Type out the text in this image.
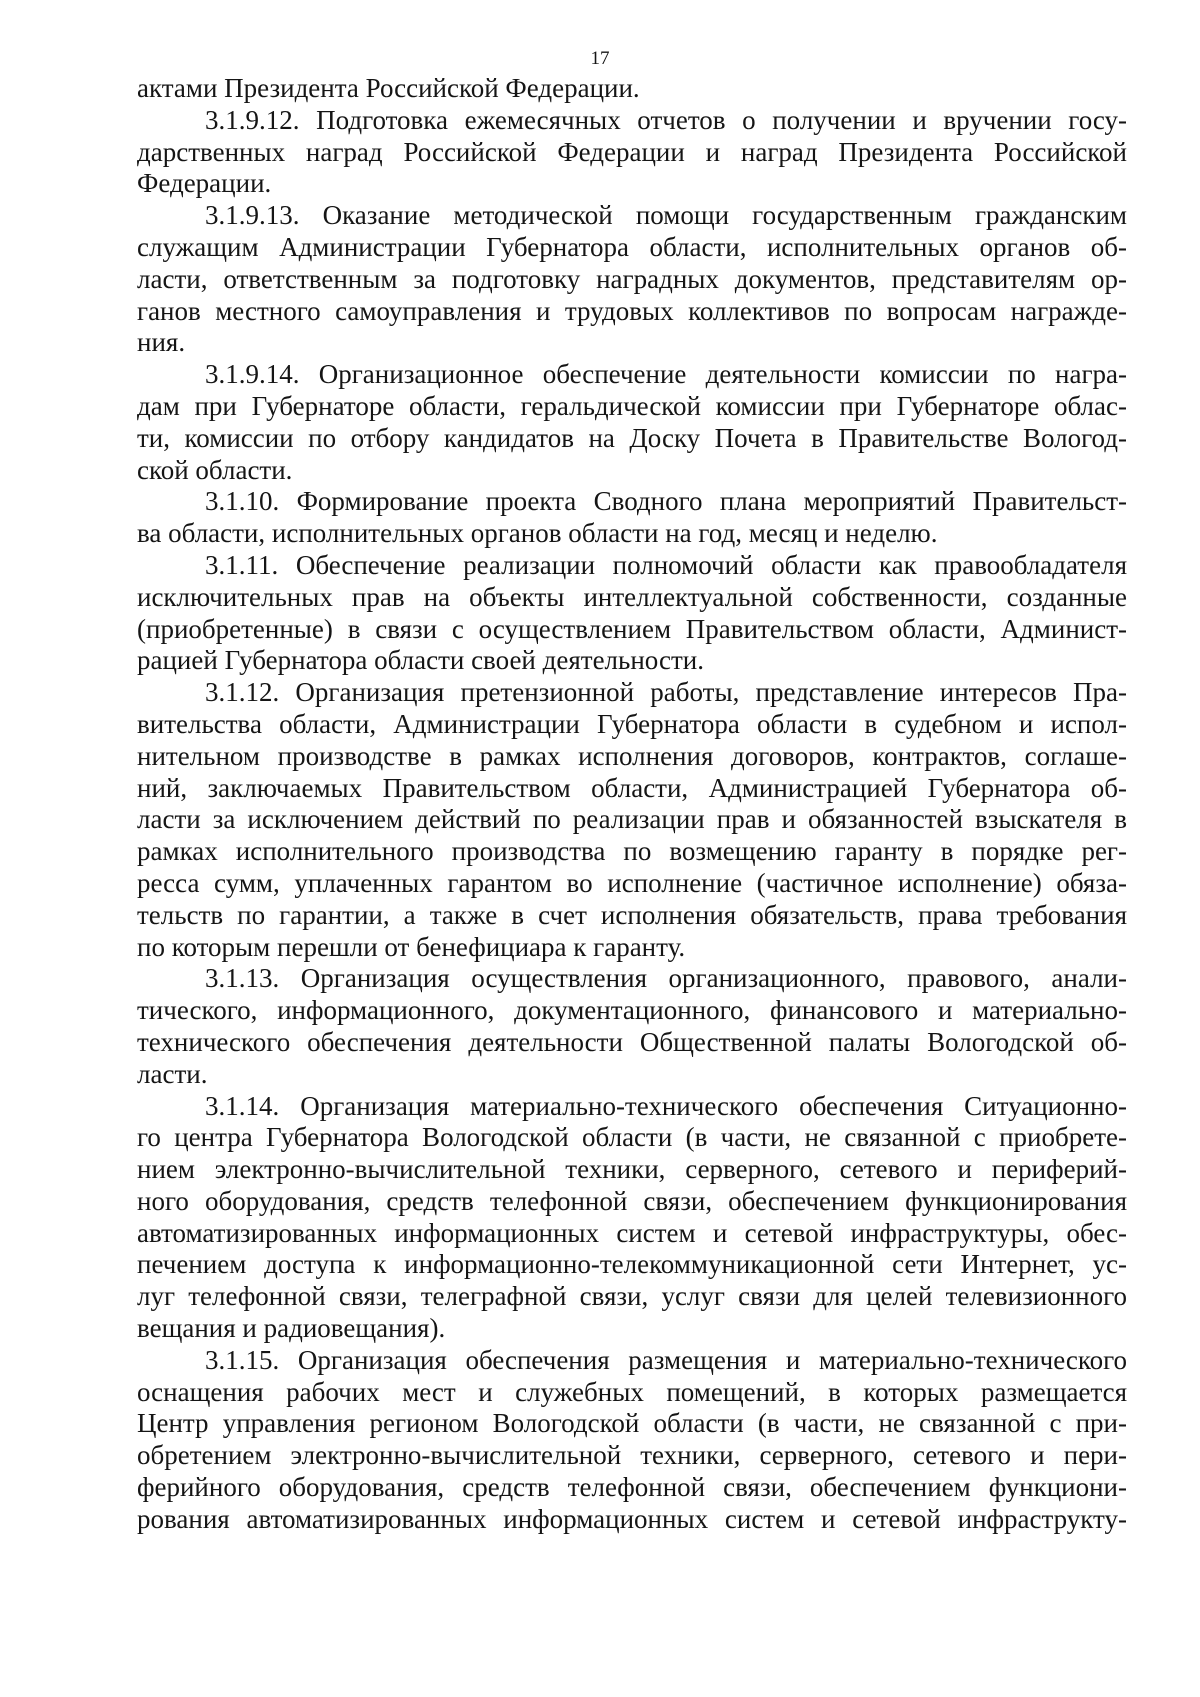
17
актами Президента Российской Федерации.
3.1.9.12. Подготовка ежемесячных отчетов о получении и вручении госу-
дарственных наград Российской Федерации и наград Президента Российской
Федерации.
3.1.9.13. Оказание методической помощи государственным гражданским
служащим Администрации Губернатора области, исполнительных органов об-
ласти, ответственным за подготовку наградных документов, представителям ор-
ганов местного самоуправления и трудовых коллективов по вопросам награжде-
ния.
3.1.9.14. Организационное обеспечение деятельности комиссии по награ-
дам при Губернаторе области, геральдической комиссии при Губернаторе облас-
ти, комиссии по отбору кандидатов на Доску Почета в Правительстве Вологод-
ской области.
3.1.10. Формирование проекта Сводного плана мероприятий Правительст-
ва области, исполнительных органов области на год, месяц и неделю.
3.1.11. Обеспечение реализации полномочий области как правообладателя
исключительных прав на объекты интеллектуальной собственности, созданные
(приобретенные) в связи с осуществлением Правительством области, Админист-
рацией Губернатора области своей деятельности.
3.1.12. Организация претензионной работы, представление интересов Пра-
вительства области, Администрации Губернатора области в судебном и испол-
нительном производстве в рамках исполнения договоров, контрактов, соглаше-
ний, заключаемых Правительством области, Администрацией Губернатора об-
ласти за исключением действий по реализации прав и обязанностей взыскателя в
рамках исполнительного производства по возмещению гаранту в порядке рег-
ресса сумм, уплаченных гарантом во исполнение (частичное исполнение) обяза-
тельств по гарантии, а также в счет исполнения обязательств, права требования
по которым перешли от бенефициара к гаранту.
3.1.13. Организация осуществления организационного, правового, анали-
тического, информационного, документационного, финансового и материально-
технического обеспечения деятельности Общественной палаты Вологодской об-
ласти.
3.1.14. Организация материально-технического обеспечения Ситуационно-
го центра Губернатора Вологодской области (в части, не связанной с приобрете-
нием электронно-вычислительной техники, серверного, сетевого и периферий-
ного оборудования, средств телефонной связи, обеспечением функционирования
автоматизированных информационных систем и сетевой инфраструктуры, обес-
печением доступа к информационно-телекоммуникационной сети Интернет, ус-
луг телефонной связи, телеграфной связи, услуг связи для целей телевизионного
вещания и радиовещания).
3.1.15. Организация обеспечения размещения и материально-технического
оснащения рабочих мест и служебных помещений, в которых размещается
Центр управления регионом Вологодской области (в части, не связанной с при-
обретением электронно-вычислительной техники, серверного, сетевого и пери-
ферийного оборудования, средств телефонной связи, обеспечением функциони-
рования автоматизированных информационных систем и сетевой инфраструкту-
